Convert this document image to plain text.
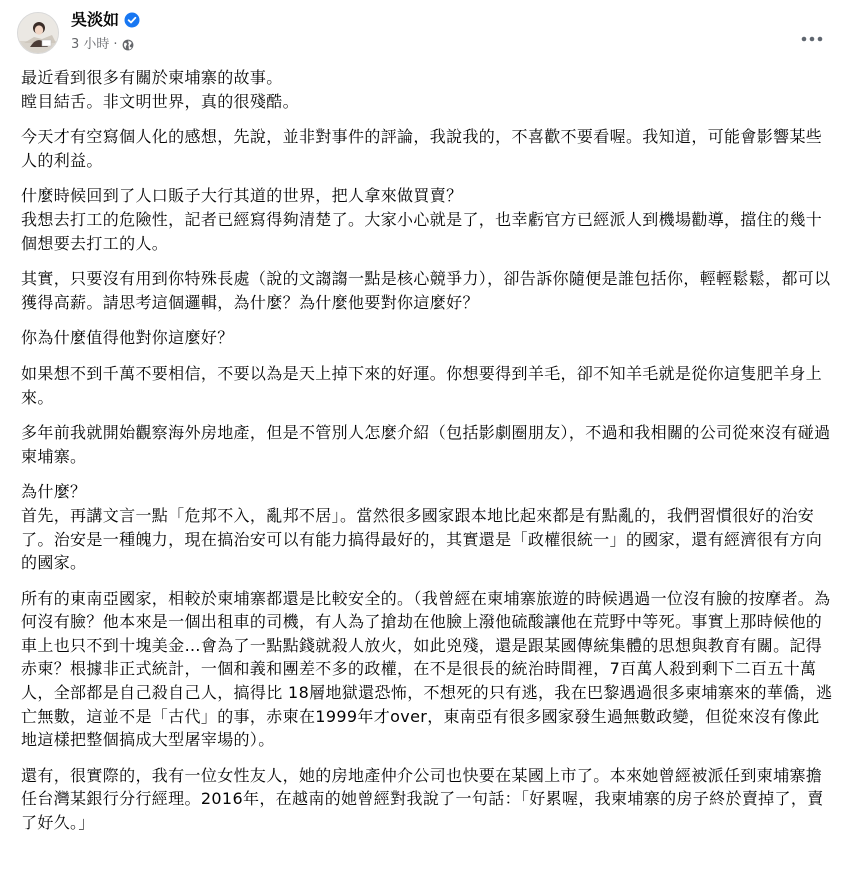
吳淡如
3 小時 ·

最近看到很多有關於柬埔寨的故事。
瞠目結舌。非文明世界，真的很殘酷。

今天才有空寫個人化的感想，先說，並非對事件的評論，我說我的，不喜歡不要看喔。我知道，可能會影響某些人的利益。

什麼時候回到了人口販子大行其道的世界，把人拿來做買賣？
我想去打工的危險性，記者已經寫得夠清楚了。大家小心就是了，也幸虧官方已經派人到機場勸導，擋住的幾十個想要去打工的人。

其實，只要沒有用到你特殊長處（說的文謅謅一點是核心競爭力），卻告訴你隨便是誰包括你，輕輕鬆鬆，都可以獲得高薪。請思考這個邏輯，為什麼？為什麼他要對你這麼好？

你為什麼值得他對你這麼好？

如果想不到千萬不要相信，不要以為是天上掉下來的好運。你想要得到羊毛，卻不知羊毛就是從你這隻肥羊身上來。

多年前我就開始觀察海外房地產，但是不管別人怎麼介紹（包括影劇圈朋友），不過和我相關的公司從來沒有碰過柬埔寨。

為什麼？
首先，再講文言一點「危邦不入，亂邦不居」。當然很多國家跟本地比起來都是有點亂的，我們習慣很好的治安了。治安是一種魄力，現在搞治安可以有能力搞得最好的，其實還是「政權很統一」的國家，還有經濟很有方向的國家。

所有的東南亞國家，相較於柬埔寨都還是比較安全的。（我曾經在柬埔寨旅遊的時候遇過一位沒有臉的按摩者。為何沒有臉？他本來是一個出租車的司機，有人為了搶劫在他臉上潑他硫酸讓他在荒野中等死。事實上那時候他的車上也只不到十塊美金…會為了一點點錢就殺人放火，如此兇殘，還是跟某國傳統集體的思想與教育有關。記得赤柬？根據非正式統計，一個和義和團差不多的政權，在不是很長的統治時間裡，7百萬人殺到剩下二百五十萬人，全部都是自己殺自己人，搞得比 18層地獄還恐怖，不想死的只有逃，我在巴黎遇過很多柬埔寨來的華僑，逃亡無數，這並不是「古代」的事，赤柬在1999年才over，東南亞有很多國家發生過無數政變，但從來沒有像此地這樣把整個搞成大型屠宰場的）。

還有，很實際的，我有一位女性友人，她的房地產仲介公司也快要在某國上市了。本來她曾經被派任到柬埔寨擔任台灣某銀行分行經理。2016年，在越南的她曾經對我說了一句話：「好累喔，我柬埔寨的房子終於賣掉了，賣了好久。」
